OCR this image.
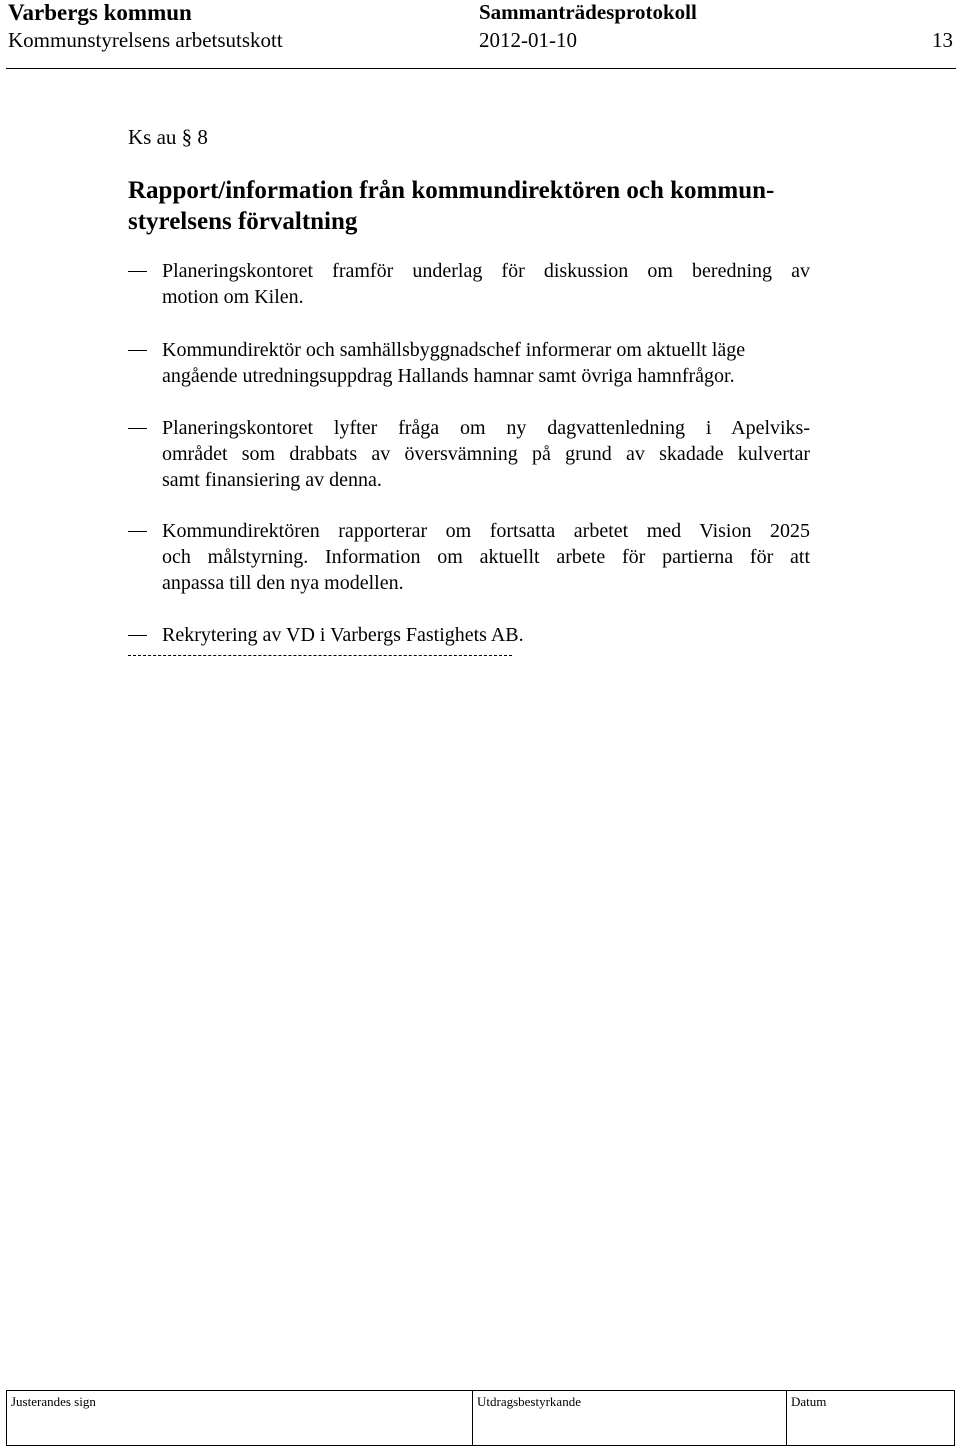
Varbergs kommun	Sammanträdesprotokoll
Kommunstyrelsens arbetsutskott	2012-01-10	13
Ks au § 8
Rapport/information från kommundirektören och kommun-
styrelsens förvaltning
Planeringskontoret framför underlag för diskussion om beredning av
motion om Kilen.
Kommundirektör och samhällsbyggnadschef informerar om aktuellt läge
angående utredningsuppdrag Hallands hamnar samt övriga hamnfrågor.
Planeringskontoret lyfter fråga om ny dagvattenledning i Apelviks-
området som drabbats av översvämning på grund av skadade kulvertar
samt finansiering av denna.
Kommundirektören rapporterar om fortsatta arbetet med Vision 2025
och målstyrning. Information om aktuellt arbete för partierna för att
anpassa till den nya modellen.
Rekrytering av VD i Varbergs Fastighets AB.
Justerandes sign	Utdragsbestyrkande	Datum
